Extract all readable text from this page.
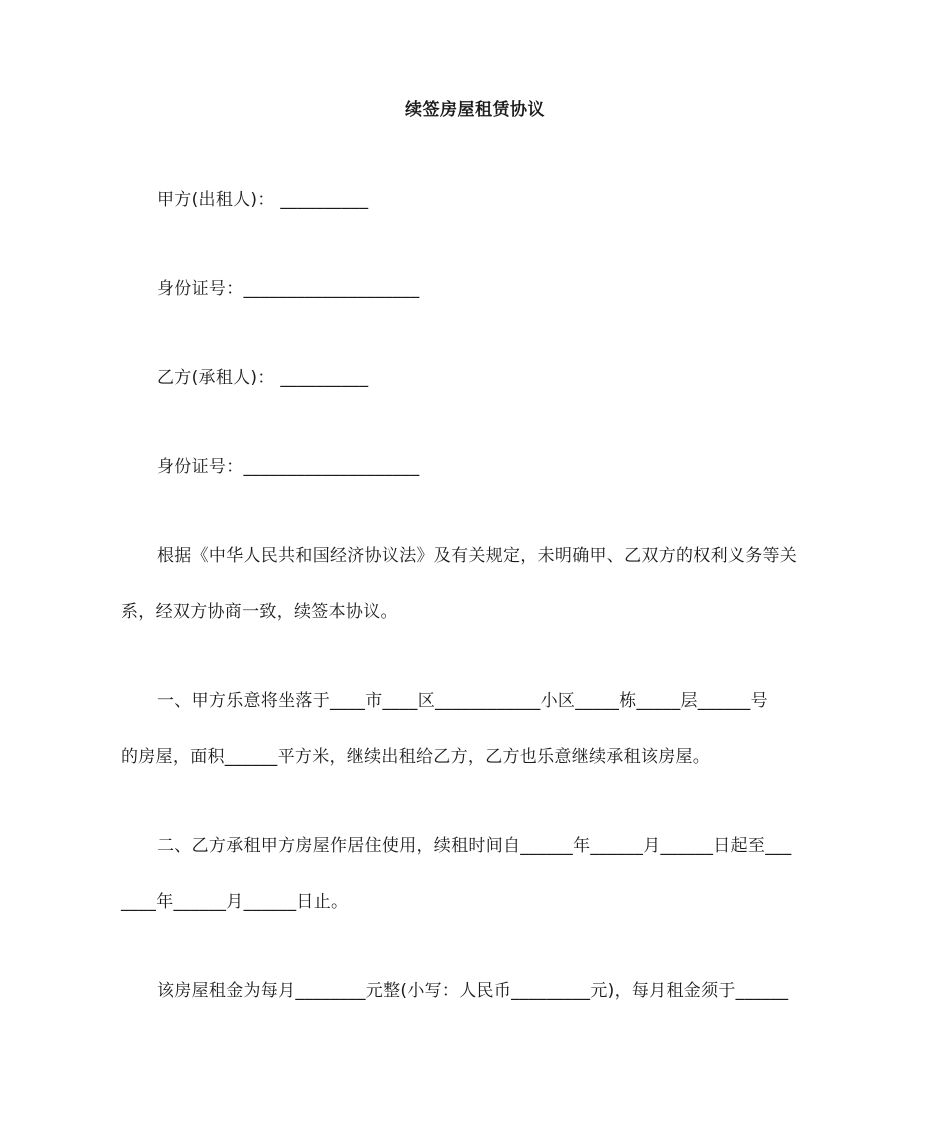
续签房屋租赁协议
甲方(出租人)： __________
身份证号：____________________
乙方(承租人)： __________
身份证号：____________________
根据《中华人民共和国经济协议法》及有关规定，未明确甲、乙双方的权利义务等关
系，经双方协商一致，续签本协议。
一、甲方乐意将坐落于____市____区____________小区_____栋_____层______号
的房屋，面积______平方米，继续出租给乙方，乙方也乐意继续承租该房屋。
二、乙方承租甲方房屋作居住使用，续租时间自______年______月______日起至___
____年______月______日止。
该房屋租金为每月________元整(小写：人民币_________元)，每月租金须于______
